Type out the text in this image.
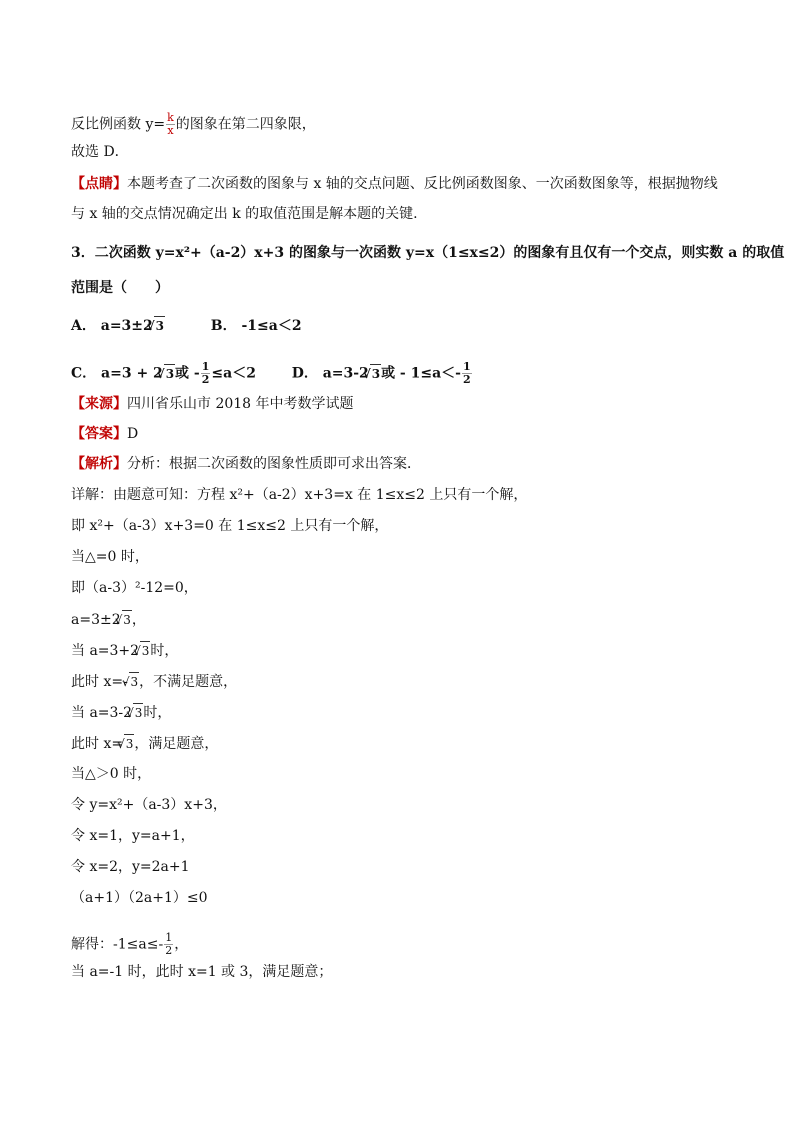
反比例函数 $y= \frac{k}{x}$ 的图象在第二四象限，
故选 D．
【点睛】本题考查了二次函数的图象与 x 轴的交点问题、反比例函数图象、一次函数图象等，根据抛物线
与 x 轴的交点情况确定出 k 的取值范围是解本题的关键.
3．二次函数 y=x²+（a-2）x+3 的图象与一次函数 y=x（1≤x≤2）的图象有且仅有一个交点，则实数 a 的取值
范围是（　　）
A． a=3±2 √ 3	B． -1≤a＜2
C． a=3 + 2 √ 3或 - $\frac{1}{2} \le a<2$	D． a=3-2 √ 3或 - $1\le a<- \frac{1}{2}$
【来源】四川省乐山市 2018 年中考数学试题
【答案】D
【解析】分析：根据二次函数的图象性质即可求出答案．
详解：由题意可知：方程 x²+（a-2）x+3=x 在 1≤x≤2 上只有一个解，
即 x²+（a-3）x+3=0 在 1≤x≤2 上只有一个解，
当△=0 时，
即（a-3）²-12=0，
a=3±2 √ 3，
当 a=3+2 √ 3时，
此时 x=- √ 3，不满足题意，
当 a=3-2 √ 3时，
此时 x= √ 3，满足题意，
当△＞0 时，
令 y=x²+（a-3）x+3，
令 x=1，y=a+1，
令 x=2，y=2a+1
（a+1）（2a+1）≤0
解得：$-1\le a\le- \frac{1}{2}$ ，
当 a=-1 时，此时 x=1 或 3，满足题意；
